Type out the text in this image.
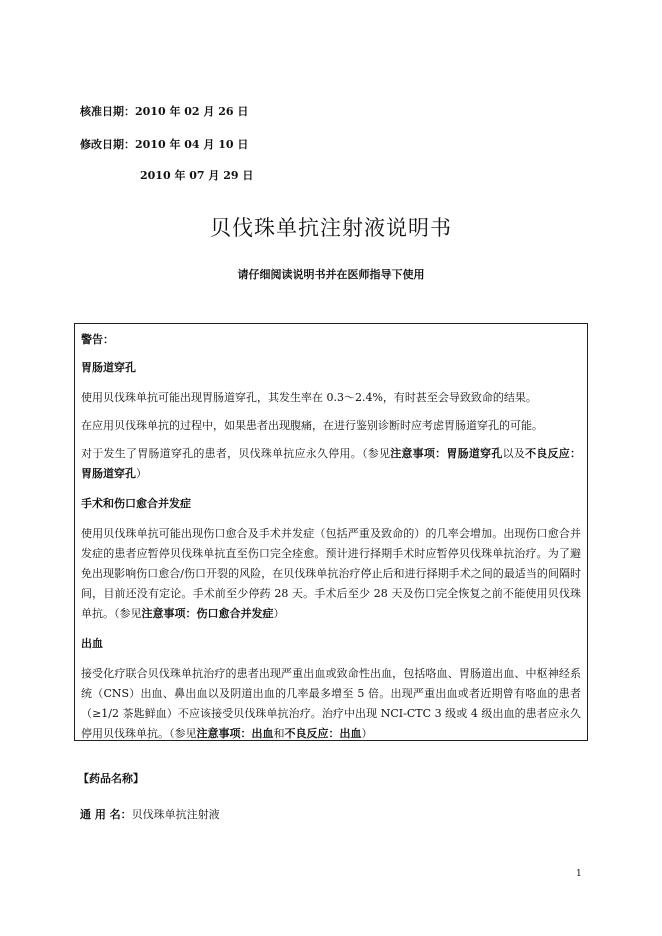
核准日期：2010 年 02 月 26 日
修改日期：2010 年 04 月 10 日
2010 年 07 月 29 日
贝伐珠单抗注射液说明书
请仔细阅读说明书并在医师指导下使用

警告：

胃肠道穿孔

使用贝伐珠单抗可能出现胃肠道穿孔，其发生率在 0.3～2.4%，有时甚至会导致致命的结果。

在应用贝伐珠单抗的过程中，如果患者出现腹痛，在进行鉴别诊断时应考虑胃肠道穿孔的可能。

对于发生了胃肠道穿孔的患者，贝伐珠单抗应永久停用。（参见注意事项：胃肠道穿孔以及不良反应：胃肠道穿孔）

手术和伤口愈合并发症

使用贝伐珠单抗可能出现伤口愈合及手术并发症（包括严重及致命的）的几率会增加。出现伤口愈合并发症的患者应暂停贝伐珠单抗直至伤口完全痊愈。预计进行择期手术时应暂停贝伐珠单抗治疗。为了避免出现影响伤口愈合/伤口开裂的风险，在贝伐珠单抗治疗停止后和进行择期手术之间的最适当的间隔时间，目前还没有定论。手术前至少停药 28 天。手术后至少 28 天及伤口完全恢复之前不能使用贝伐珠单抗。（参见注意事项：伤口愈合并发症）

出血

接受化疗联合贝伐珠单抗治疗的患者出现严重出血或致命性出血，包括咯血、胃肠道出血、中枢神经系统（CNS）出血、鼻出血以及阴道出血的几率最多增至 5 倍。出现严重出血或者近期曾有咯血的患者（≥1/2 茶匙鲜血）不应该接受贝伐珠单抗治疗。治疗中出现 NCI-CTC 3 级或 4 级出血的患者应永久停用贝伐珠单抗。（参见注意事项：出血和不良反应：出血）

【药品名称】
通 用 名：贝伐珠单抗注射液
1
